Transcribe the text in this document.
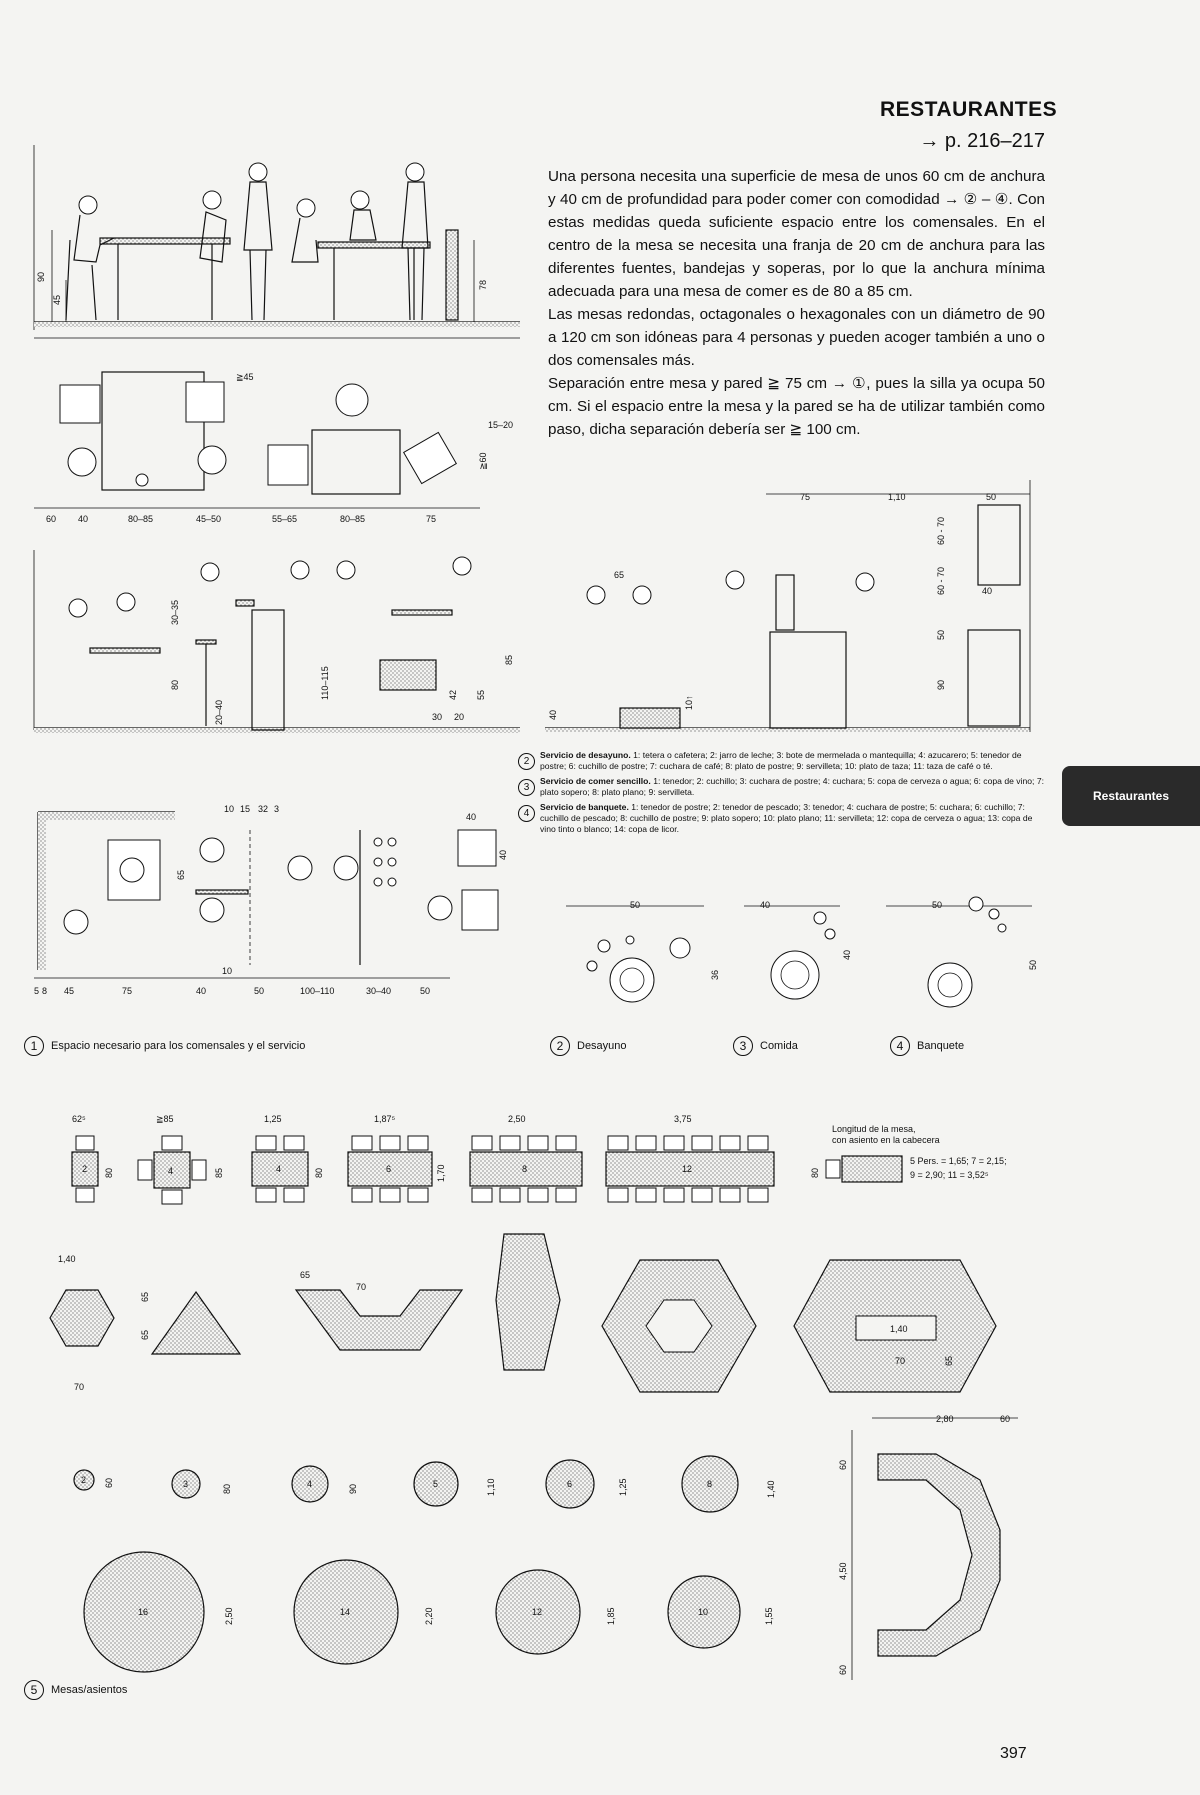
RESTAURANTES
→ p. 216–217

Una persona necesita una superficie de mesa de unos 60 cm de anchura y 40 cm de profundidad para poder comer con comodidad → ② – ④. Con estas medidas queda suficiente espacio entre los comensales. En el centro de la mesa se necesita una franja de 20 cm de anchura para las diferentes fuentes, bandejas y soperas, por lo que la anchura mínima adecuada para una mesa de comer es de 80 a 85 cm.

Las mesas redondas, octagonales o hexagonales con un diámetro de 90 a 120 cm son idóneas para 4 personas y pueden acoger también a uno o dos comensales más.

Separación entre mesa y pared ≧ 75 cm → ①, pues la silla ya ocupa 50 cm. Si el espacio entre la mesa y la pared se ha de utilizar también como paso, dicha separación debería ser ≧ 100 cm.

Restaurantes
2
Servicio de desayuno. 1: tetera o cafetera; 2: jarro de leche; 3: bote de mermelada o mantequilla; 4: azucarero; 5: tenedor de postre; 6: cuchillo de postre; 7: cuchara de café; 8: plato de postre; 9: servilleta; 10: plato de taza; 11: taza de café o té.
3
Servicio de comer sencillo. 1: tenedor; 2: cuchillo; 3: cuchara de postre; 4: cuchara; 5: copa de cerveza o agua; 6: copa de vino; 7: plato sopero; 8: plato plano; 9: servilleta.
4
Servicio de banquete. 1: tenedor de postre; 2: tenedor de pescado; 3: tenedor; 4: cuchara de postre; 5: cuchara; 6: cuchillo; 7: cuchillo de pescado; 8: cuchillo de postre; 9: plato sopero; 10: plato plano; 11: servilleta; 12: copa de cerveza o agua; 13: copa de vino tinto o blanco; 14: copa de licor.
1	Espacio necesario para los comensales y el servicio	2	Desayuno	3	Comida	4	Banquete
5	Mesas/asientos
397
90
45
78
≧45
15–20
≧60
60 40	80–85	45–50	55–65	80–85	75
30–35
80
20–40
110–115	42 55
85
30 20
75	1,10	50
60 - 70
60 - 70
50
90
40
65
40
10↑
10 15 32 3
40
65
40
10
5 8 45	75	40	50	100–110	30–40	50
50
36
40
40
50
50
62⁵
2 80
≧85
4	85
1,25
4	80
1,87⁵
6	1,70
2,50
8
3,75
12
Longitud de la mesa,
con asiento en la cabecera
80
5 Pers. = 1,65; 7 = 2,15;
9 = 2,90; 11 = 3,52⁵
1,40
65
65
70
65
70
1,40
70	65
2 60	3	80	4	90	5	1,10	6	1,25	8	1,40
16	2,50	14	2,20	12	1,85	10	1,55
2,80	60
60
4,50
60
